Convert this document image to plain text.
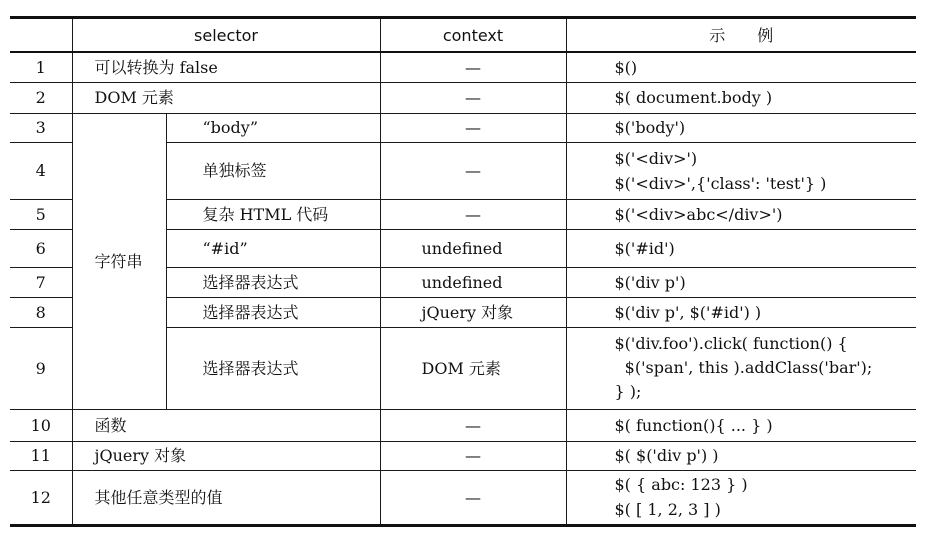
	selector		context	示　　例
1	可以转换为 false		—	$()

2	DOM 元素		—	$( document.body )

3	字符串	“body”	—	$('body')

4		单独标签	—	$('<div>')
$('<div>',{'class': 'test'} )

5		复杂 HTML 代码	—	$('<div>abc</div>')

6		“#id”	undefined	$('#id')

7		选择器表达式	undefined	$('div p')

8		选择器表达式	jQuery 对象	$('div p', $('#id') )

9		选择器表达式	DOM 元素	$('div.foo').click( function() {
$('span', this ).addClass('bar');
} );

10	函数		—	$( function(){ ... } )

11	jQuery 对象		—	$( $('div p') )

12	其他任意类型的值		—	$( { abc: 123 } )
$( [ 1, 2, 3 ] )
